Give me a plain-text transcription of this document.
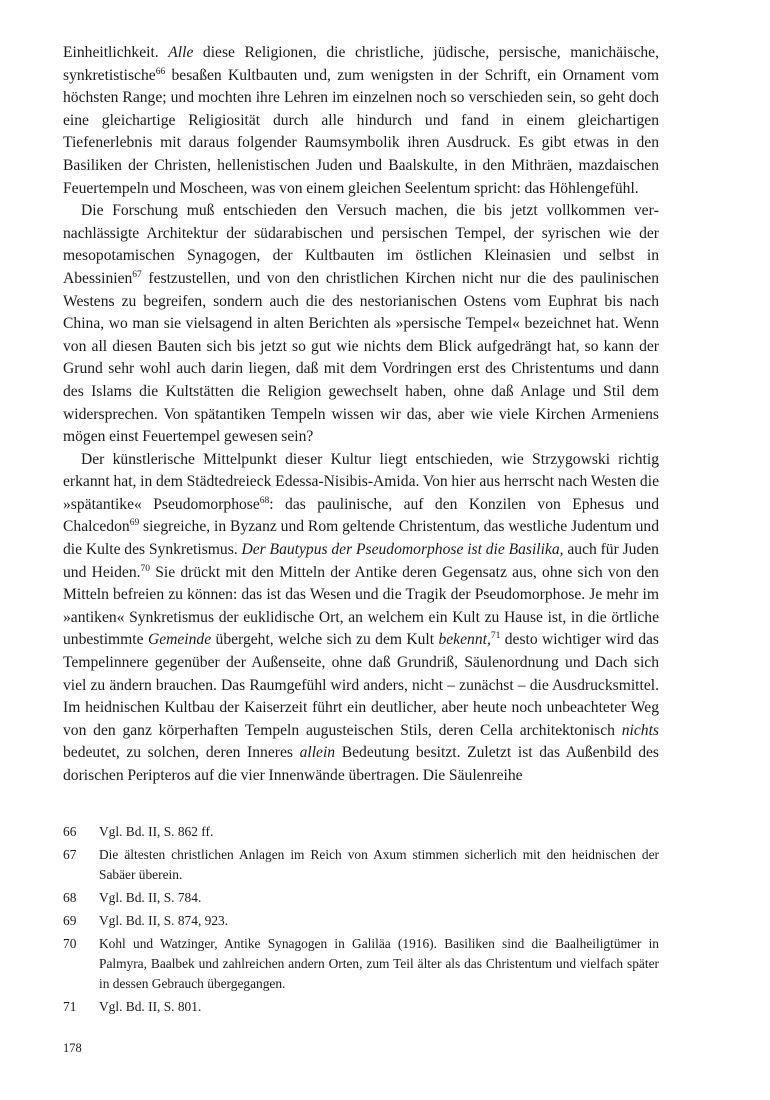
Einheitlichkeit. Alle diese Religionen, die christliche, jüdische, persische, manichäische, synkretistische$^{66}$ besaßen Kultbauten und, zum wenigsten in der Schrift, ein Ornament vom höchsten Range; und mochten ihre Lehren im einzelnen noch so verschieden sein, so geht doch eine gleichartige Religiosität durch alle hindurch und fand in einem gleichartigen Tiefenerlebnis mit daraus folgender Raumsymbolik ihren Ausdruck. Es gibt etwas in den Basiliken der Christen, hellenistischen Juden und Baalskulte, in den Mithräen, mazdaischen Feuertempeln und Moscheen, was von einem gleichen Seelentum spricht: das Höhlengefühl.

Die Forschung muß entschieden den Versuch machen, die bis jetzt vollkommen vernachlässigte Architektur der südarabischen und persischen Tempel, der syrischen wie der mesopotamischen Synagogen, der Kultbauten im östlichen Kleinasien und selbst in Abessinien$^{67}$ festzustellen, und von den christlichen Kirchen nicht nur die des paulinischen Westens zu begreifen, sondern auch die des nestorianischen Ostens vom Euphrat bis nach China, wo man sie vielsagend in alten Berichten als »persische Tempel« bezeichnet hat. Wenn von all diesen Bauten sich bis jetzt so gut wie nichts dem Blick aufgedrängt hat, so kann der Grund sehr wohl auch darin liegen, daß mit dem Vordringen erst des Christentums und dann des Islams die Kultstätten die Religion gewechselt haben, ohne daß Anlage und Stil dem widersprechen. Von spätantiken Tempeln wissen wir das, aber wie viele Kirchen Armeniens mögen einst Feuertempel gewesen sein?

Der künstlerische Mittelpunkt dieser Kultur liegt entschieden, wie Strzygowski richtig erkannt hat, in dem Städtedreieck Edessa-Nisibis-Amida. Von hier aus herrscht nach Westen die »spätantike« Pseudomorphose$^{68}$: das paulinische, auf den Konzilen von Ephesus und Chalcedon$^{69}$ siegreiche, in Byzanz und Rom geltende Christentum, das westliche Judentum und die Kulte des Synkretismus. Der Bautypus der Pseudomorphose ist die Basilika, auch für Juden und Heiden.$^{70}$ Sie drückt mit den Mitteln der Antike deren Gegensatz aus, ohne sich von den Mitteln befreien zu können: das ist das Wesen und die Tragik der Pseudomorphose. Je mehr im »antiken« Synkretismus der euklidische Ort, an welchem ein Kult zu Hause ist, in die örtliche unbestimmte Gemeinde übergeht, welche sich zu dem Kult bekennt,$^{71}$ desto wichtiger wird das Tempelinnere gegenüber der Außenseite, ohne daß Grundriß, Säulenordnung und Dach sich viel zu ändern brauchen. Das Raumgefühl wird anders, nicht – zunächst – die Ausdrucksmittel. Im heidnischen Kultbau der Kaiserzeit führt ein deutlicher, aber heute noch unbeachteter Weg von den ganz körperhaften Tempeln augusteischen Stils, deren Cella architektonisch nichts bedeutet, zu solchen, deren Inneres allein Bedeutung besitzt. Zuletzt ist das Außenbild des dorischen Peripteros auf die vier Innenwände übertragen. Die Säulenreihe

66 Vgl. Bd. II, S. 862 ff.
67 Die ältesten christlichen Anlagen im Reich von Axum stimmen sicherlich mit den heidnischen der Sabäer überein.
68 Vgl. Bd. II, S. 784.
69 Vgl. Bd. II, S. 874, 923.
70 Kohl und Watzinger, Antike Synagogen in Galiläa (1916). Basiliken sind die Baalheiligtümer in Palmyra, Baalbek und zahlreichen andern Orten, zum Teil älter als das Christentum und vielfach später in dessen Gebrauch übergegangen.
71 Vgl. Bd. II, S. 801.
178
